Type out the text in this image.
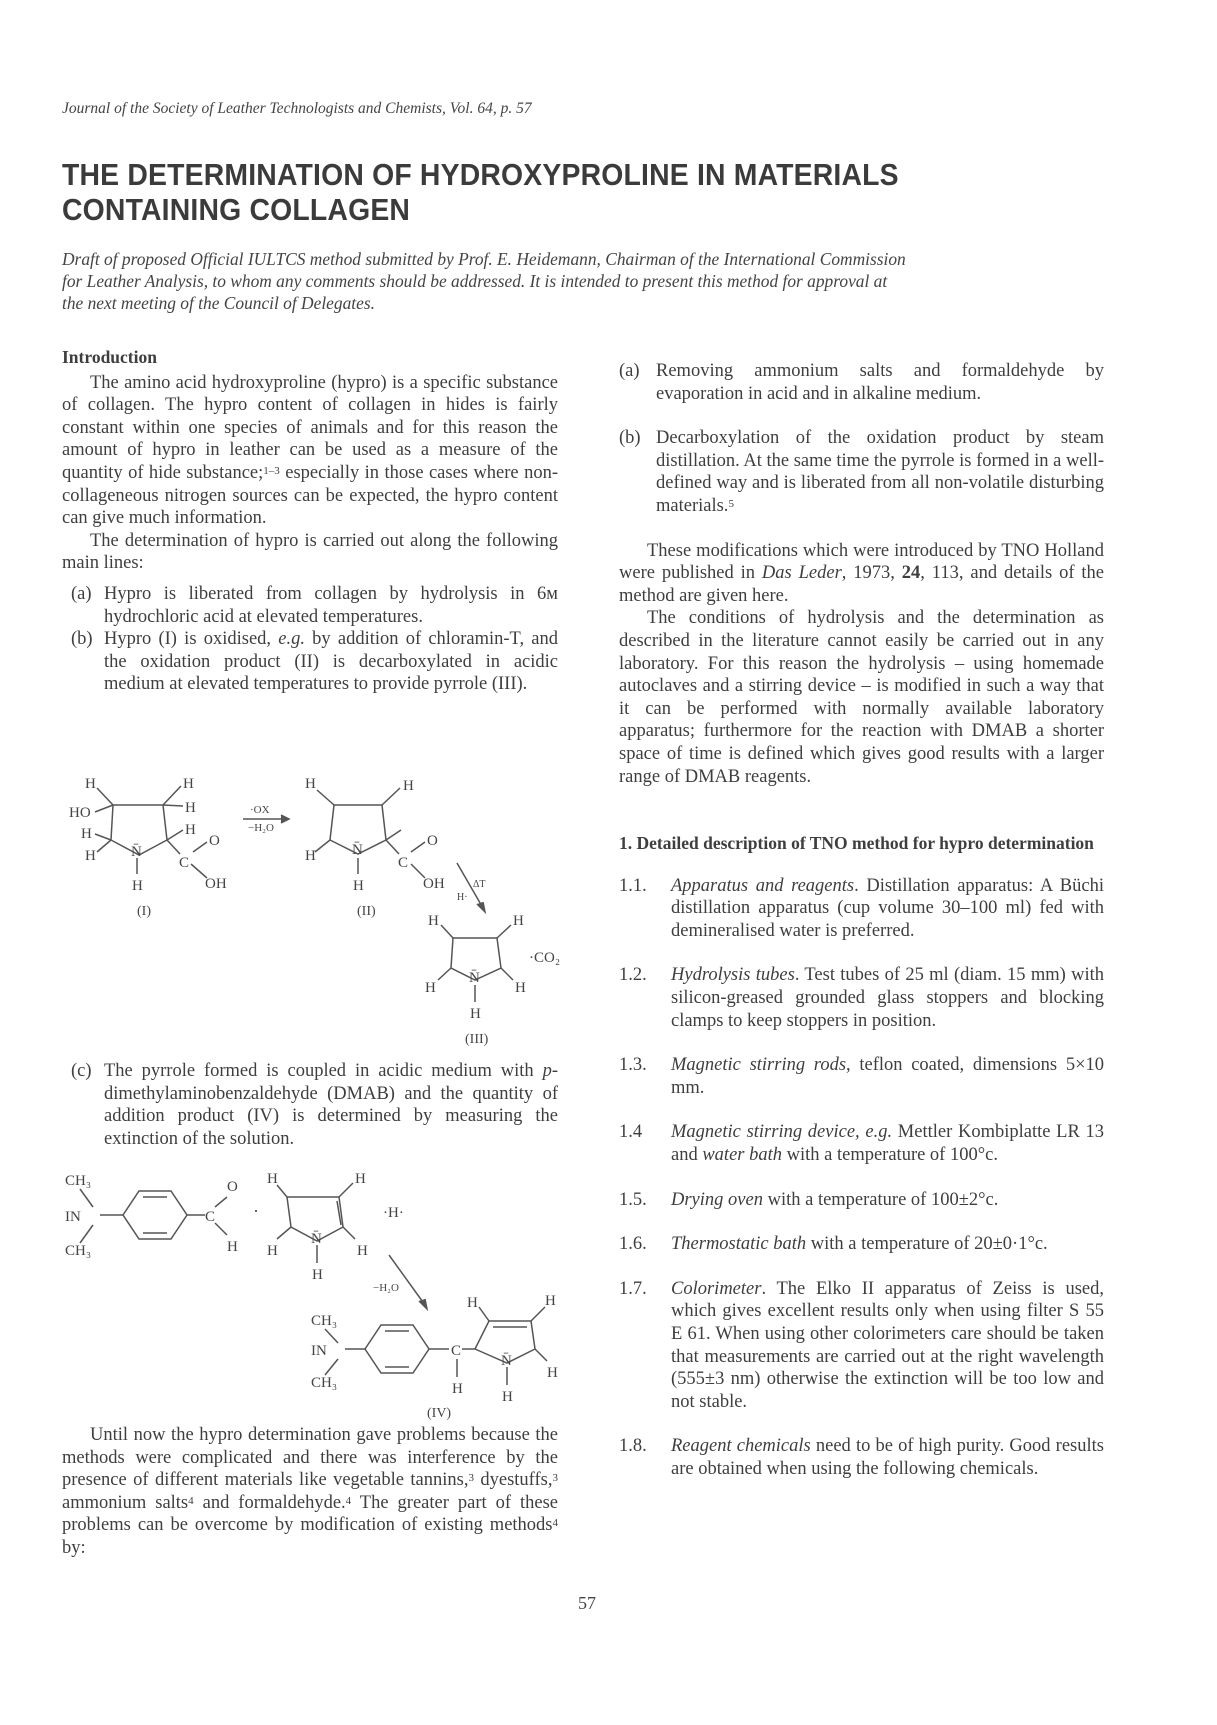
Journal of the Society of Leather Technologists and Chemists, Vol. 64, p. 57
THE DETERMINATION OF HYDROXYPROLINE IN MATERIALS
CONTAINING COLLAGEN
Draft of proposed Official IULTCS method submitted by Prof. E. Heidemann, Chairman of the International Commission
for Leather Analysis, to whom any comments should be addressed. It is intended to present this method for approval at
the next meeting of the Council of Delegates.
Introduction

The amino acid hydroxyproline (hypro) is a specific substance of collagen. The hypro content of collagen in hides is fairly constant within one species of animals and for this reason the amount of hypro in leather can be used as a measure of the quantity of hide substance;$^{1-3}$ especially in those cases where non-collageneous nitrogen sources can be expected, the hypro content can give much information.

The determination of hypro is carried out along the following main lines:

(a) Hypro is liberated from collagen by hydrolysis in 6ᴍ hydrochloric acid at elevated temperatures.
(b) Hypro (I) is oxidised, e.g. by addition of chloramin-T, and the oxidation product (II) is decarboxylated in acidic medium at elevated temperatures to provide pyrrole (III).
H	H
HO	H
H	H
H N̄
C
O
OH
H
(I)
·OX
−H₂O
H	H
H N̄
C
O
OH
H
(II)
H·
ΔT
H	H
·CO₂
H	H
N̄
H
(III)
(c) The pyrrole formed is coupled in acidic medium with p-dimethylaminobenzaldehyde (DMAB) and the quantity of addition product (IV) is determined by measuring the extinction of the solution.
CH₃
IN
CH₃
C
O
H
·
H	H
H	H
N̄
H
·H·
−H₂O
CH₃
IN
CH₃
C
H
H	H
H
N̄
H
(IV)

Until now the hypro determination gave problems because the methods were complicated and there was interference by the presence of different materials like vegetable tannins,$^3$ dyestuffs,$^3$ ammonium salts$^4$ and formaldehyde.$^4$ The greater part of these problems can be overcome by modification of existing methods$^4$ by:

(a) Removing ammonium salts and formaldehyde by evaporation in acid and in alkaline medium.
(b) Decarboxylation of the oxidation product by steam distillation. At the same time the pyrrole is formed in a well-defined way and is liberated from all non-volatile disturbing materials.$^5$

These modifications which were introduced by TNO Holland were published in Das Leder, 1973, 24, 113, and details of the method are given here.

The conditions of hydrolysis and the determination as described in the literature cannot easily be carried out in any laboratory. For this reason the hydrolysis – using homemade autoclaves and a stirring device – is modified in such a way that it can be performed with normally available laboratory apparatus; furthermore for the reaction with DMAB a shorter space of time is defined which gives good results with a larger range of DMAB reagents.

1. Detailed description of TNO method for hypro determination
1.1. Apparatus and reagents. Distillation apparatus: A Büchi distillation apparatus (cup volume 30–100 ml) fed with demineralised water is preferred.
1.2. Hydrolysis tubes. Test tubes of 25 ml (diam. 15 mm) with silicon-greased grounded glass stoppers and blocking clamps to keep stoppers in position.
1.3. Magnetic stirring rods, teflon coated, dimensions 5×10 mm.
1.4 Magnetic stirring device, e.g. Mettler Kombiplatte LR 13 and water bath with a temperature of 100°c.
1.5. Drying oven with a temperature of 100±2°c.
1.6. Thermostatic bath with a temperature of 20±0·1°c.
1.7. Colorimeter. The Elko II apparatus of Zeiss is used, which gives excellent results only when using filter S 55 E 61. When using other colorimeters care should be taken that measurements are carried out at the right wavelength (555±3 nm) otherwise the extinction will be too low and not stable.
1.8. Reagent chemicals need to be of high purity. Good results are obtained when using the following chemicals.
57
